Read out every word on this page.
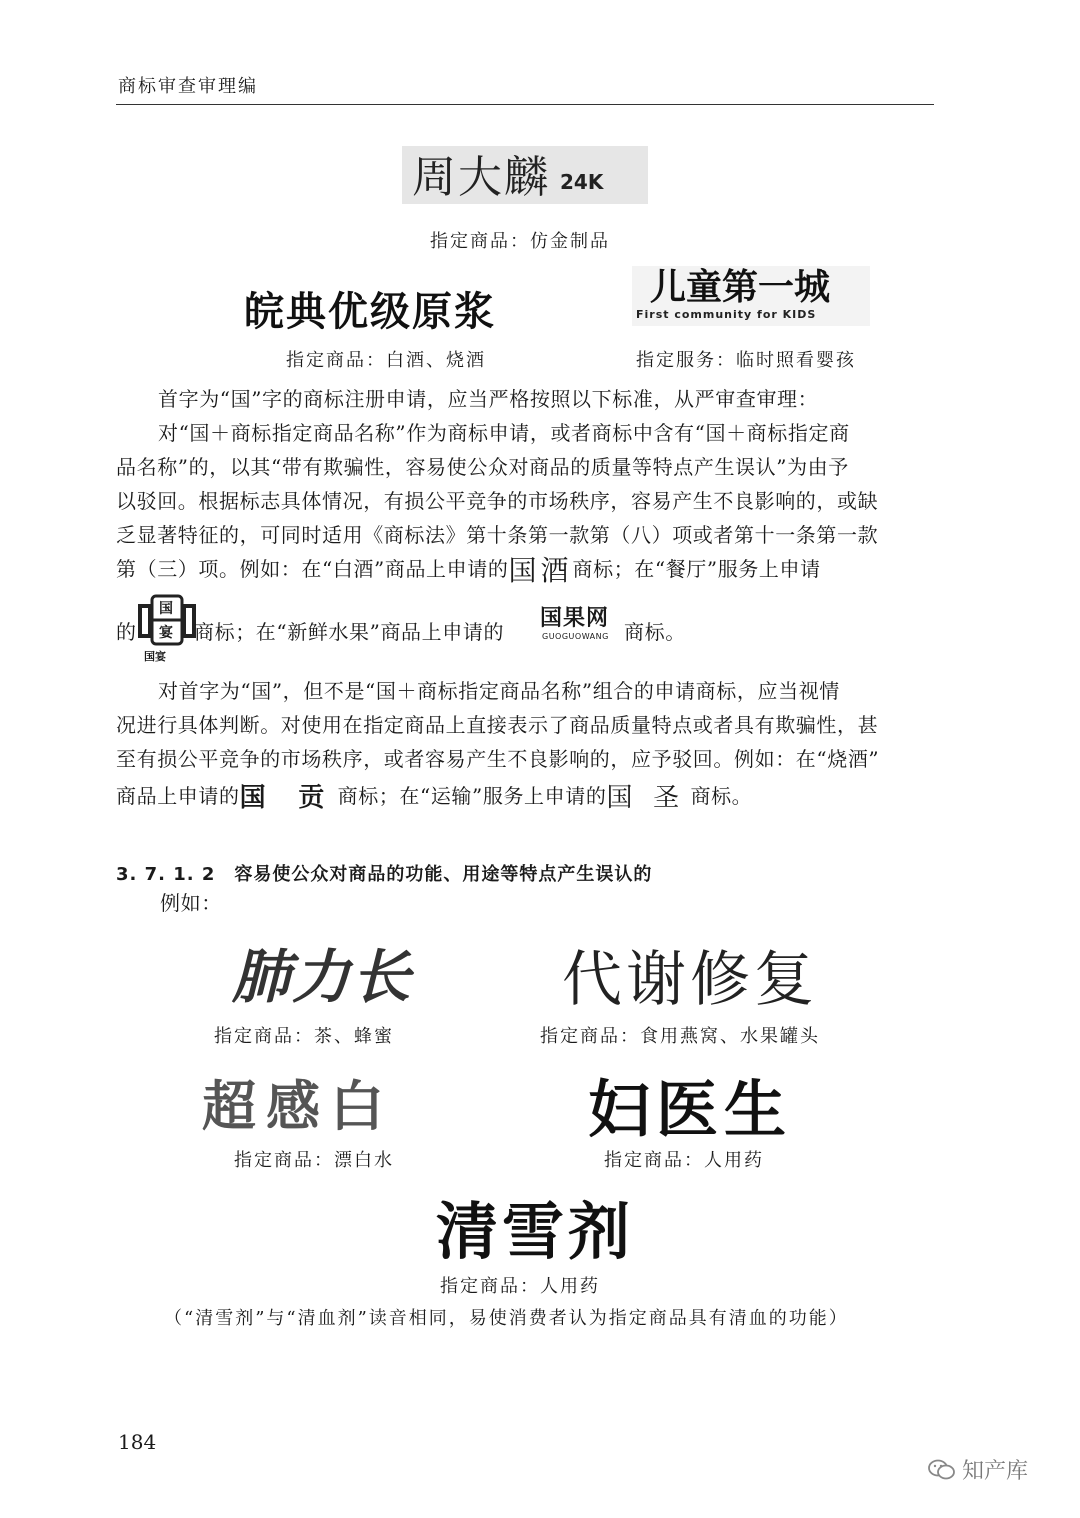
商标审查审理编
周大麟 24K
指定商品：仿金制品
皖典优级原浆
指定商品：白酒、烧酒
儿童第一城
First community for KIDS
指定服务：临时照看婴孩
首字为“国”字的商标注册申请，应当严格按照以下标准，从严审查审理：
对“国＋商标指定商品名称”作为商标申请，或者商标中含有“国＋商标指定商
品名称”的，以其“带有欺骗性，容易使公众对商品的质量等特点产生误认”为由予
以驳回。根据标志具体情况，有损公平竞争的市场秩序，容易产生不良影响的，或缺
乏显著特征的，可同时适用《商标法》第十条第一款第（八）项或者第十一条第一款
第（三）项。例如：在“白酒”商品上申请的国酒商标；在“餐厅”服务上申请
的
国
宴
国宴
商标；在“新鲜水果”商品上申请的
国果网
GUOGUOWANG 商标。
对首字为“国”，但不是“国＋商标指定商品名称”组合的申请商标，应当视情
况进行具体判断。对使用在指定商品上直接表示了商品质量特点或者具有欺骗性，甚
至有损公平竞争的市场秩序，或者容易产生不良影响的，应予驳回。例如：在“烧酒”
商品上申请的国 贡 商标；在“运输”服务上申请的国 圣 商标。
3. 7. 1. 2　容易使公众对商品的功能、用途等特点产生误认的
例如：
肺力长
指定商品：茶、蜂蜜
代谢修复
指定商品：食用燕窝、水果罐头
超感白
指定商品：漂白水
妇医生
指定商品：人用药
清雪剂
指定商品：人用药
（“清雪剂”与“清血剂”读音相同，易使消费者认为指定商品具有清血的功能）
184
知产库
